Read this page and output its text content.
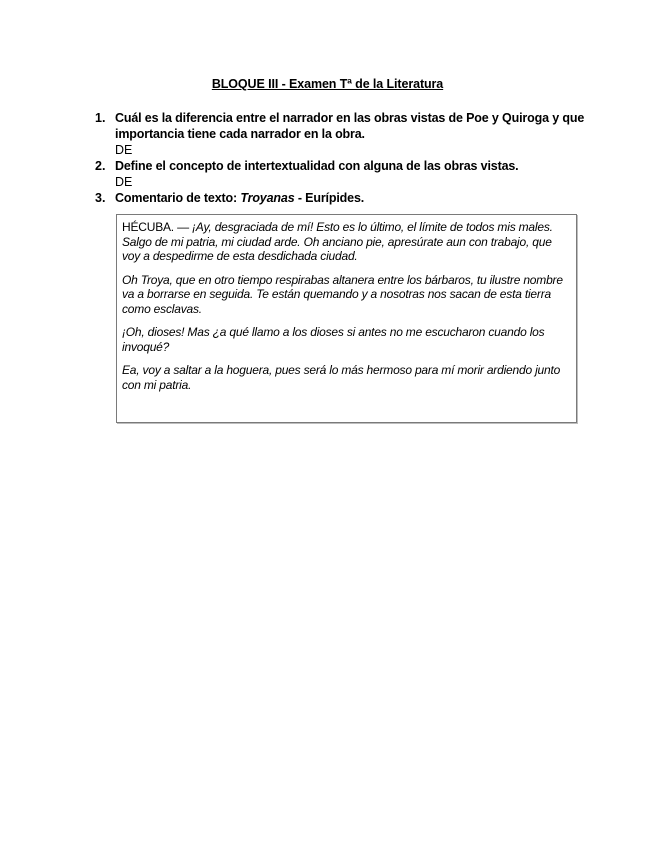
BLOQUE III - Examen Tª de la Literatura
1. Cuál es la diferencia entre el narrador en las obras vistas de Poe y Quiroga y que importancia tiene cada narrador en la obra.
DE
2. Define el concepto de intertextualidad con alguna de las obras vistas.
DE
3. Comentario de texto: Troyanas - Eurípides.

HÉCUBA. — ¡Ay, desgraciada de mí! Esto es lo último, el límite de todos mis males. Salgo de mi patria, mi ciudad arde. Oh anciano pie, apresúrate aun con trabajo, que voy a despedirme de esta desdichada ciudad.

Oh Troya, que en otro tiempo respirabas altanera entre los bárbaros, tu ilustre nombre va a borrarse en seguida. Te están quemando y a nosotras nos sacan de esta tierra como esclavas.

¡Oh, dioses! Mas ¿a qué llamo a los dioses si antes no me escucharon cuando los invoqué?

Ea, voy a saltar a la hoguera, pues será lo más hermoso para mí morir ardiendo junto con mi patria.
